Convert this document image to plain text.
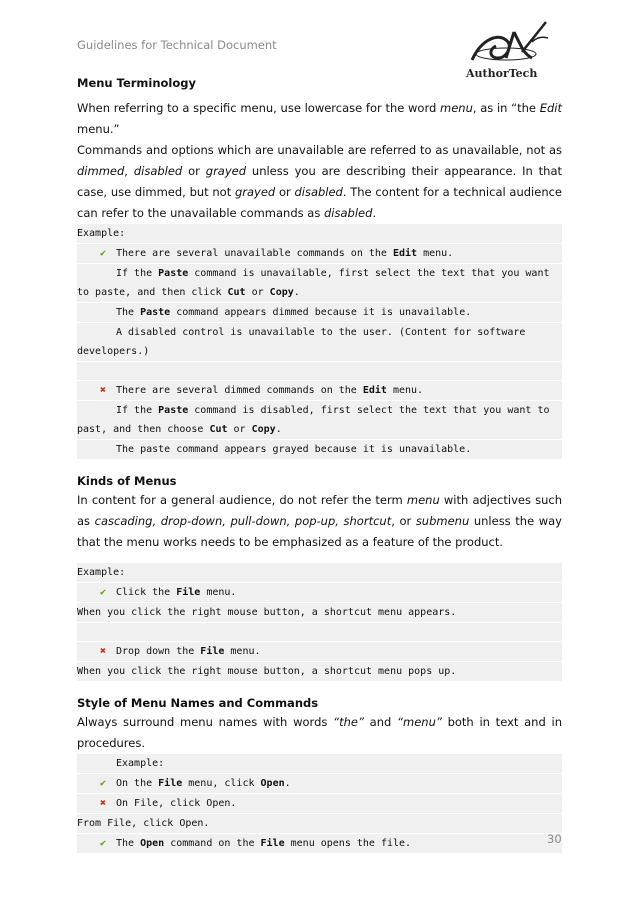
Guidelines for Technical Document
AuthorTech

Menu Terminology

When referring to a specific menu, use lowercase for the word menu, as in “the Edit menu.”

Commands and options which are unavailable are referred to as unavailable, not as dimmed, disabled or grayed unless you are describing their appearance. In that case, use dimmed, but not grayed or disabled. The content for a technical audience can refer to the unavailable commands as disabled.

Example:
✔ There are several unavailable commands on the Edit menu.
If the Paste command is unavailable, first select the text that you want to paste, and then click Cut or Copy.
The Paste command appears dimmed because it is unavailable.
A disabled control is unavailable to the user. (Content for software developers.)
✖ There are several dimmed commands on the Edit menu.
If the Paste command is disabled, first select the text that you want to past, and then choose Cut or Copy.
The paste command appears grayed because it is unavailable.

Kinds of Menus

In content for a general audience, do not refer the term menu with adjectives such as cascading, drop-down, pull-down, pop-up, shortcut, or submenu unless the way that the menu works needs to be emphasized as a feature of the product.

Example:
✔ Click the File menu.
When you click the right mouse button, a shortcut menu appears.
✖ Drop down the File menu.
When you click the right mouse button, a shortcut menu pops up.

Style of Menu Names and Commands

Always surround menu names with words “the” and “menu” both in text and in procedures.

Example:
✔ On the File menu, click Open.
✖ On File, click Open.
From File, click Open.
✔ The Open command on the File menu opens the file.	30
